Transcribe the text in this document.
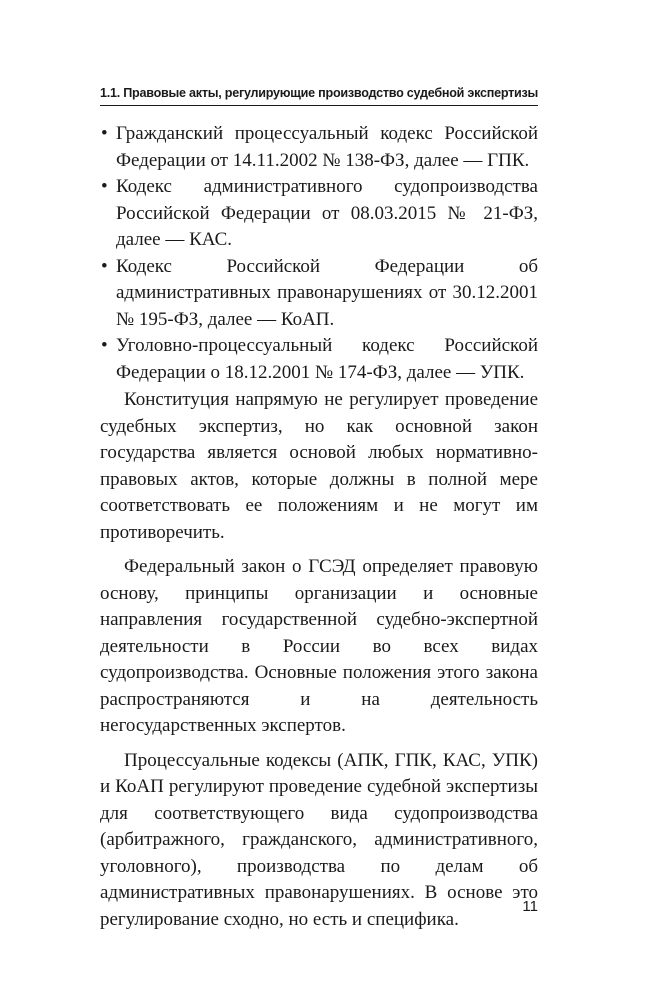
1.1. Правовые акты, регулирующие производство судебной экспертизы
• Гражданский процессуальный кодекс Российской Федерации от 14.11.2002 № 138-ФЗ, далее — ГПК.
• Кодекс административного судопроизводства Российской Федерации от 08.03.2015 № 21-ФЗ, далее — КАС.
• Кодекс Российской Федерации об административных правонарушениях от 30.12.2001 № 195-ФЗ, далее — КоАП.
• Уголовно-процессуальный кодекс Российской Федерации о 18.12.2001 № 174-ФЗ, далее — УПК.

Конституция напрямую не регулирует проведение судебных экспертиз, но как основной закон государства является основой любых нормативно-правовых актов, которые должны в полной мере соответствовать ее положениям и не могут им противоречить.

Федеральный закон о ГСЭД определяет правовую основу, принципы организации и основные направления государственной судебно-экспертной деятельности в России во всех видах судопроизводства. Основные положения этого закона распространяются и на деятельность негосударственных экспертов.

Процессуальные кодексы (АПК, ГПК, КАС, УПК) и КоАП регулируют проведение судебной экспертизы для соответствующего вида судопроизводства (арбитражного, гражданского, административного, уголовного), производства по делам об административных правонарушениях. В основе это регулирование сходно, но есть и специфика.

11
